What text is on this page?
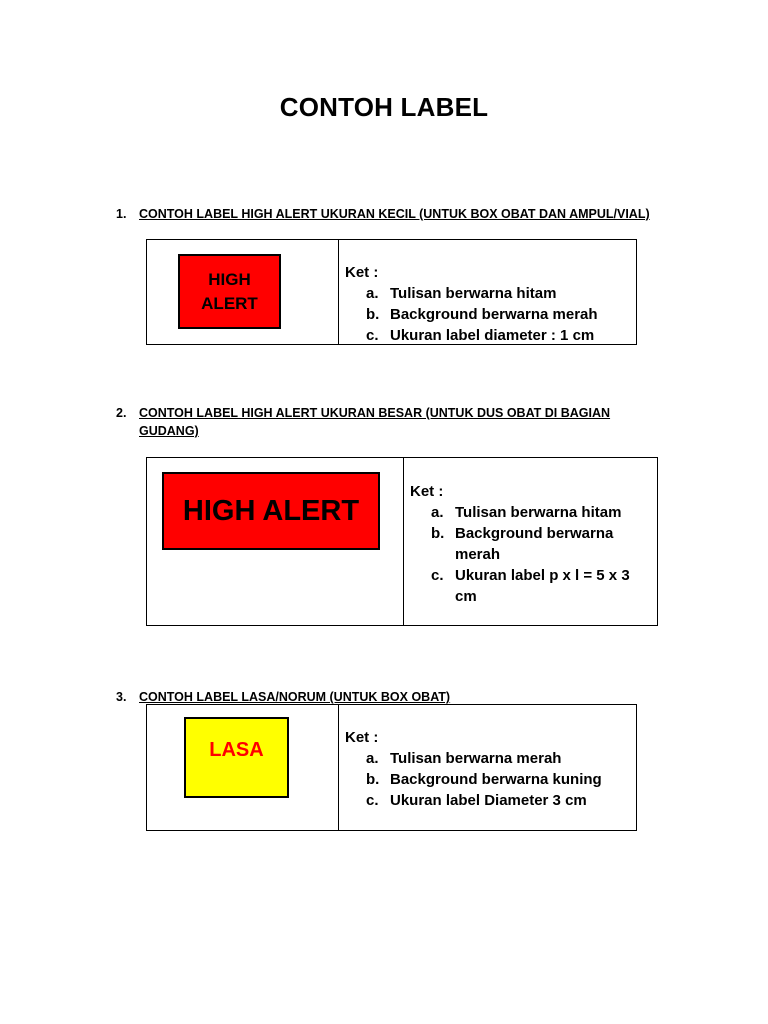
CONTOH LABEL
1. CONTOH LABEL HIGH ALERT UKURAN KECIL (UNTUK BOX OBAT DAN AMPUL/VIAL)
HIGH
ALERT
Ket :
a. Tulisan berwarna hitam
b. Background berwarna merah
c. Ukuran label diameter : 1 cm
2. CONTOH LABEL HIGH ALERT UKURAN BESAR (UNTUK DUS OBAT DI BAGIAN
GUDANG)
HIGH ALERT
Ket :
a. Tulisan berwarna hitam
b. Background berwarna merah
c. Ukuran label p x l = 5 x 3 cm
3. CONTOH LABEL LASA/NORUM (UNTUK BOX OBAT)
LASA
Ket :
a. Tulisan berwarna merah
b. Background berwarna kuning
c. Ukuran label Diameter 3 cm
